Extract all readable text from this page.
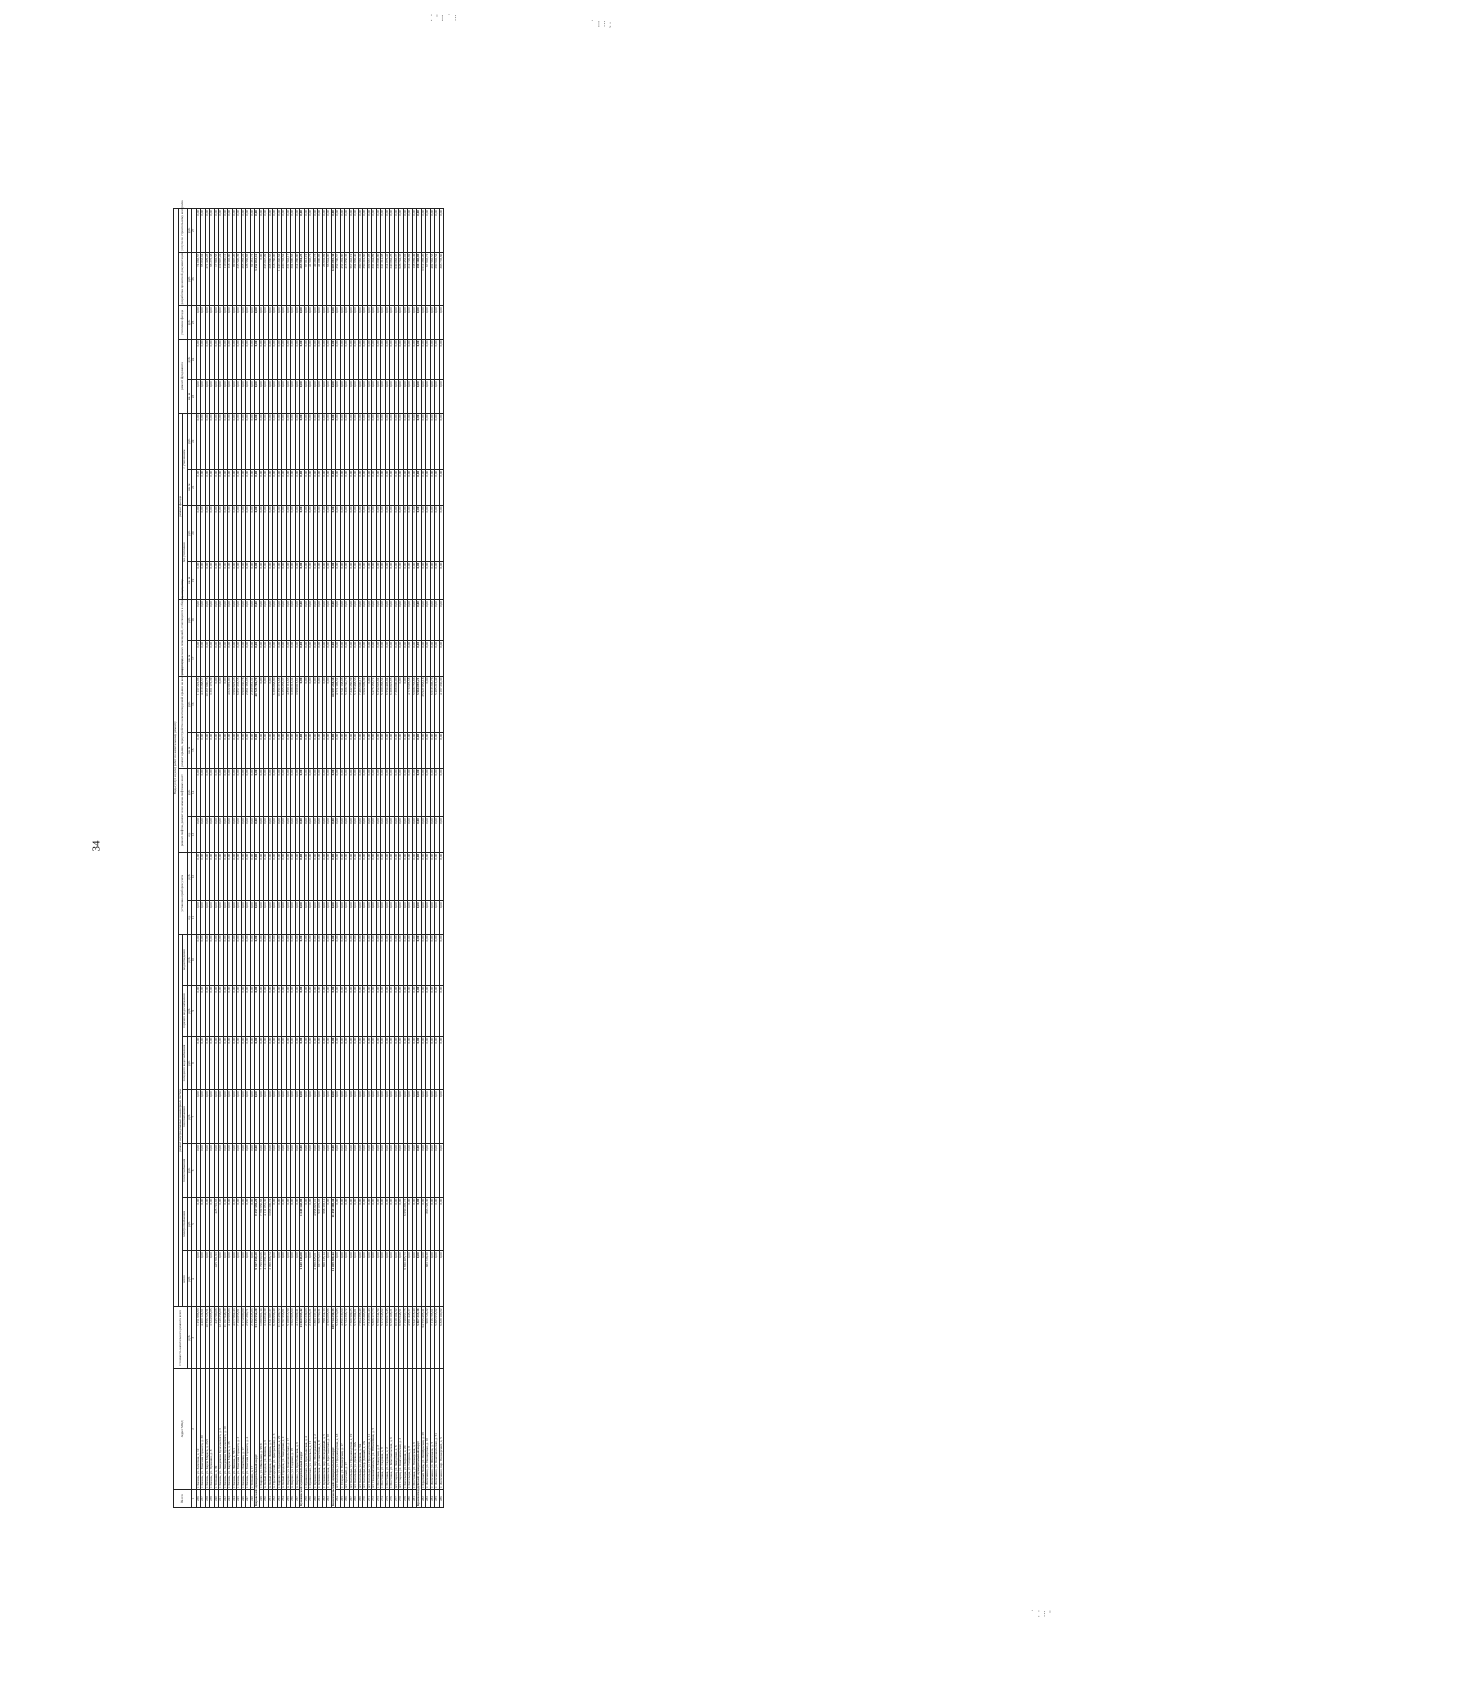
34
⁚ ' ⁞ ˙ ⁝
˙ ⁞ ⁝ ;
˙ ⁚ ⁝ '
№ п/п	Адрес МКД	Стоимость капитального ремонта всего	Виды услуг и (или) работ по капитальному ремонту																							
			ремонт внутридомовых инженерных систем							установка приборов учета		ремонт лифтов, ремонт или замена лифтовых шахт		ремонт крыши, переустройство невентилируемой крыши на вентилируемую		ремонт подвальных помещений, относящихся к общему имуществу		ремонт фасада				ремонт фундамента		утепление фасада	разработка проектной документации	услуги по строительному контролю
			всего	электроснабжения	теплоснабжения	газоснабжения	холодного водоснабжения	горячего водоснабжения	водоотведения									без утепления		с утеплением						
		руб.	руб.	руб.	руб.	руб.	руб.	руб.	руб.	ед.	руб.	ед.	руб.	кв. м	руб.	кв. м	руб.	кв. м	руб.	кв. м	руб.	кв. м	руб.	руб.	руб.	руб.
1	2	3	4	5	6	7	8	9	10	11	12	13	14	15	16	17	18	19	20	21	22	23	24	25	26	27
236	г. Казань, ул. Залесная, д. 12	1 251 996,63	0,00	0,00	0,00	0,00	0,00	0,00	0,00	0,00	0,00	0,00	0,00	0,00	1 137 222,96	0,00	0,00	0,00	0,00	0,00	0,00	0,00	0,00	0,00	74 083,57	0,00
237	г. Казань, ул. Максима Горького, д. 30	4 400 122,61	0,00	0,00	0,00	0,00	0,00	0,00	0,00	0,00	0,00	0,00	0,00	0,00	4 310 288,57	0,00	0,00	0,00	0,00	0,00	0,00	0,00	0,00	0,00	95 833,04	0,00
238	г. Казань, ул. Карла Маркса, д. 23/6	10 556 725,51	0,00	0,00	0,00	0,00	0,00	0,00	0,00	0,00	0,00	0,00	0,00	0,00	10 267 680,75	0,00	0,00	0,00	0,00	0,00	0,00	0,00	0,00	0,00	271 429,23	0,00
239	г. Казань, ул. Пушкина, д. 8	3 524 995,85	0,00	0,00	0,00	0,00	0,00	0,00	0,00	0,00	0,00	0,00	0,00	0,00	3 381 176,39	0,00	0,00	0,00	0,00	0,00	0,00	0,00	0,00	0,00	98 276,38	0,00
240	г. Тетюши, д. 39	445 700,06	425 701,93	425 701,93	0,00	0,00	0,00	0,00	0,00	0,00	0,00	0,00	0,00	0,00	0,00	0,00	0,00	0,00	0,00	0,00	0,00	0,00	0,00	0,00	17 992,53	0,00
241	г. Казань, ул. Академика Булаховского, д. 6	12 149 258,09	0,00	0,00	0,00	0,00	0,00	0,00	0,00	0,00	0,00	0,00	0,00	0,00	0,00	0,00	0,00	0,00	0,00	0,00	0,00	0,00	0,00	0,00	119 907,24	0,00
242	г. Казань, ул. Академика Булаховского, д. 10	11 167 948,29	0,00	0,00	0,00	0,00	0,00	0,00	0,00	0,00	0,00	0,00	0,00	0,00	0,00	0,00	0,00	0,00	0,00	0,00	0,00	0,00	0,00	0,00	119 060,11	0,00
243	г. Казань, ул. Карла Маркса, д. 36	4 140 995,83	0,00	0,00	0,00	0,00	0,00	0,00	0,00	0,00	0,00	0,00	0,00	0,00	4 022 891,00	0,00	0,00	0,00	0,00	0,00	0,00	0,00	0,00	0,00	118 102,80	0,00
244	г. Казань, ул. Ленина, д. 55/1	4 077 962,43	0,00	0,00	0,00	0,00	0,00	0,00	0,00	0,00	0,00	0,00	0,00	0,00	3 992 925,23	0,00	0,00	0,00	0,00	0,00	0,00	0,00	0,00	0,00	89 807,20	0,00
245	г. Казань, ул. Максима Горького, д. 3	7 190 855,91	0,00	0,00	0,00	0,00	0,00	0,00	0,00	0,00	0,00	0,00	0,00	0,00	6 857 335,55	0,00	0,00	0,00	0,00	0,00	0,00	0,00	0,00	0,00	333 520,39	0,00
246	г. Казань, ул. Ошеткова, д. 17	9 174 600,00	0,00	0,00	0,00	0,00	0,00	0,00	0,00	0,00	0,00	0,00	0,00	0,00	8 909 330,78	0,00	0,00	0,00	0,00	0,00	0,00	0,00	0,00	0,00	265 265,22	0,00
247	г. Казань, ул. Максима Горького, д. 4	2 957 290,71	0,00	0,00	0,00	0,00	0,00	0,00	0,00	0,00	0,00	0,00	0,00	0,00	2 861 165,05	0,00	0,00	0,00	0,00	0,00	0,00	0,00	0,00	0,00	126 566,66	0,00
248	г. Тетюши, д. 17	2 362 223,03	0,00	0,00	0,00	0,00	0,00	0,00	0,00	0,00	0,00	0,00	0,00	0,00	2 269 861,31	0,00	0,00	0,00	0,00	0,00	0,00	0,00	0,00	0,00	92 361,72	0,00
Кировский муниципальный округ		53 335 552,20	9 357 559,29	9 357 559,29	0,00	0,00	0,00	0,00	0,00	0,00	0,00	0,00	0,00	0,00	40 725 709,79	0,00	0,00	0,00	0,00	0,00	0,00	0,00	0,00	0,00	3 252 033,12	0,00
249	г. Кирово, ул. Школьная, д. 99/8	1 099 901,14	7 799 950,66	7 799 950,66	0,00	0,00	0,00	0,00	0,00	0,00	0,00	0,00	0,00	0,00	0,00	0,00	0,00	0,00	0,00	0,00	0,00	0,00	0,00	0,00	0,00	0,00
250	п. Белый Городок, ул. Ленина, д. 6	3 344 042,39	4 111 051,30	4 111 051,30	0,00	0,00	0,00	0,00	0,00	0,00	0,00	0,00	0,00	0,00	0,00	0,00	0,00	0,00	0,00	0,00	0,00	0,00	0,00	0,00	233 047,09	0,00
251	п. Белый Городок, ул. Ленина, д. 9	3 611 687,37	3 098 306,74	3 098 306,74	0,00	0,00	0,00	0,00	0,00	0,00	0,00	0,00	0,00	0,00	0,00	0,00	0,00	0,00	0,00	0,00	0,00	0,00	0,00	0,00	208 980,63	0,00
252	п. Пролетарский, ул. Центральная, д. 6	6 366 956,49	0,00	0,00	0,00	0,00	0,00	0,00	0,00	0,00	0,00	0,00	0,00	0,00	6 396 868,90	0,00	0,00	0,00	0,00	0,00	0,00	0,00	0,00	0,00	118 760,00	0,00
253	г. Кирово, ул. Красноармейская, д. 29	11 320 499,72	0,00	0,00	0,00	0,00	0,00	0,00	0,00	0,00	0,00	0,00	0,00	0,00	10 350 372,68	0,00	0,00	0,00	0,00	0,00	0,00	0,00	0,00	0,00	1 440 240,64	0,00
254	п. Белый Городок, ул. Заводская, д. 2	6 797 555,91	0,00	0,00	0,00	0,00	0,00	0,00	0,00	0,00	0,00	0,00	0,00	0,00	6 265 355,37	0,00	0,00	0,00	0,00	0,00	0,00	0,00	0,00	0,00	430 703,64	0,00
255	п. Кирово, ул. Комсомольская, д. 17	5 189 813,50	0,00	0,00	0,00	0,00	0,00	0,00	0,00	0,00	0,00	0,00	0,00	0,00	4 858 112,63	0,00	0,00	0,00	0,00	0,00	0,00	0,00	0,00	0,00	331 542,17	0,00
256	п. Кирово, ул. Садовая, д. 19	3 602 905,60	0,00	0,00	0,00	0,00	0,00	0,00	0,00	0,00	0,00	0,00	0,00	0,00	3 298 313,34	0,00	0,00	0,00	0,00	0,00	0,00	0,00	0,00	0,00	304 690,66	0,00
257	п. Кирово, ул. Крестьянская, д. 6	4 313 909,41	0,00	0,00	0,00	0,00	0,00	0,00	0,00	0,00	0,00	0,00	0,00	0,00	3 999 815,61	0,00	0,00	0,00	0,00	0,00	0,00	0,00	0,00	0,00	314 280,80	0,00
Кушвинский муниципальный округ		13 060 995,42	1 649 148,00	1 649 148,00	0,00	0,00	0,00	0,00	0,00	0,00	0,00	0,00	0,00	0,00	0,00	0,00	0,00	0,00	0,00	0,00	0,00	0,00	0,00	0,00	265 994,25	0,00
258	г. Кушвинская, ул. Крестьянская, д. 4	2 502 339,03	0,00	0,00	0,00	0,00	0,00	0,00	0,00	0,00	0,00	0,00	0,00	0,00	0,00	0,00	0,00	0,00	0,00	0,00	0,00	0,00	0,00	0,00	97 813,19	0,00
259	г. Кушвинская, ул. Энгельса, д. 11	2 236 226,21	0,00	0,00	0,00	0,00	0,00	0,00	0,00	0,00	0,00	0,00	0,00	0,00	0,00	0,00	0,00	0,00	0,00	0,00	0,00	0,00	0,00	0,00	41 503,75	0,00
260	с. Кушвинская, пер. Молодежный, д. 2	1 883 137,34	4 958 825,01	4 958 825,01	0,00	0,00	0,00	0,00	0,00	0,00	0,00	0,00	0,00	0,00	0,00	0,00	0,00	0,00	0,00	0,00	0,00	0,00	0,00	0,00	49 292,73	0,00
261	с. Кушвинская, ул. Советская, д. 8	508 750,31	937 076,03	937 076,03	0,00	0,00	0,00	0,00	0,00	0,00	0,00	0,00	0,00	0,00	0,00	0,00	0,00	0,00	0,00	0,00	0,00	0,00	0,00	0,00	41 090,96	0,00
262	с. Кушвинская, пер. Молодежный, д. 5	798 114,13	698 135,14	698 135,14	0,00	0,00	0,00	0,00	0,00	0,00	0,00	0,00	0,00	0,00	0,00	0,00	0,00	0,00	0,00	0,00	0,00	0,00	0,00	0,00	26 935,99	0,00
263	с. Кушвинская, ул. Крестьянская, д. 10	3 506 095,96	0,00	0,00	0,00	0,00	0,00	0,00	0,00	0,00	0,00	0,00	0,00	0,00	0,00	0,00	0,00	0,00	0,00	0,00	0,00	0,00	0,00	0,00	66 644,00	0,00
Комсомольский муниципальный округ		109 734 259,35	11 459 300,44	11 459 300,44	0,00	0,00	0,00	0,00	0,00	0,00	0,00	0,00	0,00	0,00	68 997 258,38	0,00	0,00	0,00	0,00	0,00	0,00	0,00	0,00	0,00	6 605 893,30	0,00
264	пгт Кагальцы, ул. Предзаводская, д. 18	5 332 570,85	0,00	0,00	0,00	0,00	0,00	0,00	0,00	0,00	0,00	0,00	0,00	0,00	4 771 196,51	0,00	0,00	0,00	0,00	0,00	0,00	0,00	0,00	0,00	352 700,57	0,00
265	с. Старые, ул. Пионерская, д. 17	4 850 230,60	0,00	0,00	0,00	0,00	0,00	0,00	0,00	0,00	0,00	0,00	0,00	0,00	3 741 138,08	0,00	0,00	0,00	0,00	0,00	0,00	0,00	0,00	0,00	452 294,80	0,00
266	пгт Красный, д. 27	5 724 398,72	0,00	0,00	0,00	0,00	0,00	0,00	0,00	0,00	0,00	0,00	0,00	0,00	5 298 730,76	0,00	0,00	0,00	0,00	0,00	0,00	0,00	0,00	0,00	415 850,36	0,00
267	пгт Кагальцы, ул. Предзаводская, д. 19	7 509 509,25	0,00	0,00	0,00	0,00	0,00	0,00	0,00	0,00	0,00	0,00	0,00	0,00	7 242 260,59	0,00	0,00	0,00	0,00	0,00	0,00	0,00	0,00	0,00	567 242,19	0,00
268	пгт Кагальцы, ул. Дачная, д. 10А	5 575 284,01	0,00	0,00	0,00	0,00	0,00	0,00	0,00	0,00	0,00	0,00	0,00	0,00	5 179 488,53	0,00	0,00	0,00	0,00	0,00	0,00	0,00	0,00	0,00	294 966,40	0,00
269	пгт Кагальцы, ул. Дачная, д. 5А	7 964 298,49	0,00	0,00	0,00	0,00	0,00	0,00	0,00	0,00	0,00	0,00	0,00	0,00	7 483 600,17	0,00	0,00	0,00	0,00	0,00	0,00	0,00	0,00	0,00	380 582,32	0,00
270	пгт Кагальцы, пер. Дачный, д. 2А	4 272 203,89	0,00	0,00	0,00	0,00	0,00	0,00	0,00	0,00	0,00	0,00	0,00	0,00	3 902 609,39	0,00	0,00	0,00	0,00	0,00	0,00	0,00	0,00	0,00	350 316,60	0,00
271	пгт Кагальцы, ул. Предзаводская, д. 11	7 616 891,43	0,00	0,00	0,00	0,00	0,00	0,00	0,00	0,00	0,00	0,00	0,00	0,00	0,00	0,00	0,00	0,00	0,00	0,00	0,00	0,00	0,00	0,00	309 667,05	0,00
272	пгт Новокомсомольск, ул. Юбилейная, д. 5	5 806 177,73	0,00	0,00	0,00	0,00	0,00	0,00	0,00	0,00	0,00	0,00	0,00	0,00	5 475 155,72	0,00	0,00	0,00	0,00	0,00	0,00	0,00	0,00	0,00	331 244,99	0,00
273	г. Мостовка, ул. Заводская, д. 8	6 590 244,54	0,00	0,00	0,00	0,00	0,00	0,00	0,00	0,00	0,00	0,00	0,00	0,00	6 254 645,84	0,00	0,00	0,00	0,00	0,00	0,00	0,00	0,00	0,00	336 808,90	0,00
274	г. Мостовка, ул. Садовая, д. 9	5 272 545,62	0,00	0,00	0,00	0,00	0,00	0,00	0,00	0,00	0,00	0,00	0,00	0,00	5 100 266,54	0,00	0,00	0,00	0,00	0,00	0,00	0,00	0,00	0,00	241 314,08	0,00
275	г. Мостовка, ул. Садовая, д. 2	6 969 975,45	0,00	0,00	0,00	0,00	0,00	0,00	0,00	0,00	0,00	0,00	0,00	0,00	6 554 446,04	0,00	0,00	0,00	0,00	0,00	0,00	0,00	0,00	0,00	314 079,41	0,00
276	г. Мостовка, ул. Комсомольская, д. 6	6 529 108,21	0,00	0,00	0,00	0,00	0,00	0,00	0,00	0,00	0,00	0,00	0,00	0,00	6 288 823,95	0,00	0,00	0,00	0,00	0,00	0,00	0,00	0,00	0,00	240 884,26	0,00
277	пгт Стариц, ул. Заводская, д. 6	8 018 104,52	0,00	0,00	0,00	0,00	0,00	0,00	0,00	0,00	0,00	0,00	0,00	0,00	7 388 000,00	0,00	0,00	0,00	0,00	0,00	0,00	0,00	0,00	0,00	630 083,37	0,00
278	пгт Стариц, ул. Комсомольская, д. 3	9 605 948,51	0,00	0,00	0,00	0,00	0,00	0,00	0,00	0,00	0,00	0,00	0,00	0,00	0,00	0,00	0,00	0,00	0,00	0,00	0,00	0,00	0,00	0,00	626 744,33	0,00
279	г. Кагальцы, ул. Озерная, д. 20	7 159 657,75	6 650 205,73	6 650 205,73	0,00	0,00	0,00	0,00	0,00	0,00	0,00	0,00	0,00	0,00	0,00	0,00	0,00	0,00	0,00	0,00	0,00	0,00	0,00	0,00	509 452,02	0,00
280	г. Кагальцы, ул. Гагарина, д. 8	4 991 445,37	0,00	0,00	0,00	0,00	0,00	0,00	0,00	0,00	0,00	0,00	0,00	0,00	4 778 695,68	0,00	0,00	0,00	0,00	0,00	0,00	0,00	0,00	0,00	212 749,69	0,00
281	г. Мостовка, ул. Пионерская, д. 6	5 647 315,40	0,00	0,00	0,00	0,00	0,00	0,00	0,00	0,00	0,00	0,00	0,00	0,00	5 608 755,66	0,00	0,00	0,00	0,00	0,00	0,00	0,00	0,00	0,00	138 069,49	0,00
Красногвардейский муниципальный округ		5 867 315,38	0,00	0,00	0,00	0,00	0,00	0,00	0,00	0,00	0,00	0,00	0,00	0,00	5 968 893,21	0,00	0,00	0,00	0,00	0,00	0,00	0,00	0,00	0,00	198 108,89	0,00
282	г. Красный Холм, ул. Октябрьская, д. 29	64 555 495,41	0,00	0,00	0,00	0,00	0,00	0,00	0,00	0,00	0,00	0,00	0,00	0,00	35 927 853,18	0,00	0,00	0,00	0,00	0,00	0,00	0,00	0,00	0,00	3 612 285,20	0,00
283	с. Лисичкино, ул. Пионерская, д. 10	909 726,22	883 728,30	883 728,30	0,00	0,00	0,00	0,00	0,00	0,00	0,00	0,00	0,00	0,00	0,00	0,00	0,00	0,00	0,00	0,00	0,00	0,00	0,00	0,00	67 903,72	0,00
284	с. Лисичкино, ул. Шаповала, д. 5	7 116 795,61	0,00	0,00	0,00	0,00	0,00	0,00	0,00	0,00	0,00	0,00	0,00	0,00	6 619 206,76	0,00	0,00	0,00	0,00	0,00	0,00	0,00	0,00	0,00	482 582,53	0,00
285	с. Лисичкино, ул. Комсомольская, д. 51	5 885 955,92	0,00	0,00	0,00	0,00	0,00	0,00	0,00	0,00	0,00	0,00	0,00	0,00	5 485 216,42	0,00	0,00	0,00	0,00	0,00	0,00	0,00	0,00	0,00	290 902,54	0,00
286	с. Лисичкино, пер. Пионерский, д. 5	6 829 100,92	0,00	0,00	0,00	0,00	0,00	0,00	0,00	0,00	0,00	0,00	0,00	0,00	4 197 330,30	0,00	0,00	0,00	0,00	0,00	0,00	0,00	0,00	0,00	303 735,60	0,00
